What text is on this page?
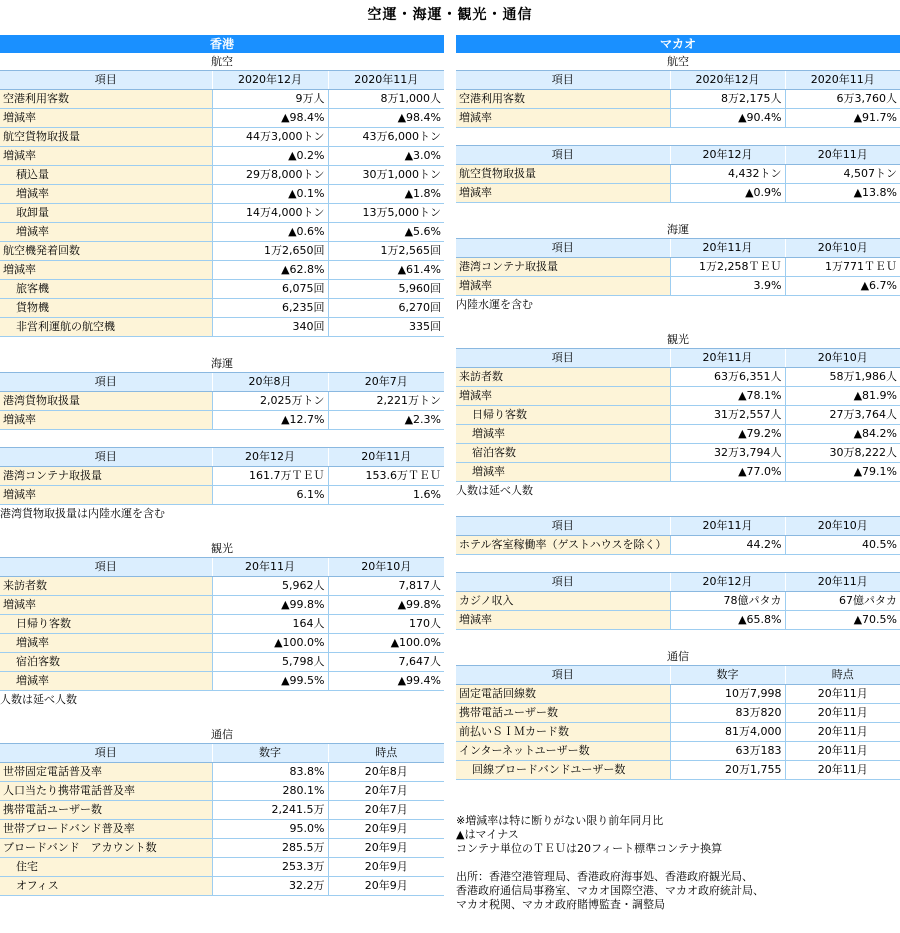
空運・海運・観光・通信
香港
航空
項目	2020年12月	2020年11月
空港利用客数	9万人	8万1,000人
増減率	▲98.4%	▲98.4%
航空貨物取扱量	44万3,000トン	43万6,000トン
増減率	▲0.2%	▲3.0%
積込量	29万8,000トン	30万1,000トン
増減率	▲0.1%	▲1.8%
取卸量	14万4,000トン	13万5,000トン
増減率	▲0.6%	▲5.6%
航空機発着回数	1万2,650回	1万2,565回
増減率	▲62.8%	▲61.4%
旅客機	6,075回	5,960回
貨物機	6,235回	6,270回
非営利運航の航空機	340回	335回
海運
項目	20年8月	20年7月
港湾貨物取扱量	2,025万トン	2,221万トン
増減率	▲12.7%	▲2.3%
項目	20年12月	20年11月
港湾コンテナ取扱量	161.7万ＴＥＵ	153.6万ＴＥＵ
増減率	6.1%	1.6%
港湾貨物取扱量は内陸水運を含む
観光
項目	20年11月	20年10月
来訪者数	5,962人	7,817人
増減率	▲99.8%	▲99.8%
日帰り客数	164人	170人
増減率	▲100.0%	▲100.0%
宿泊客数	5,798人	7,647人
増減率	▲99.5%	▲99.4%
人数は延べ人数
通信
項目	数字	時点
世帯固定電話普及率	83.8%	20年8月
人口当たり携帯電話普及率	280.1%	20年7月
携帯電話ユーザー数	2,241.5万	20年7月
世帯ブロードバンド普及率	95.0%	20年9月
ブロードバンド　アカウント数	285.5万	20年9月
住宅	253.3万	20年9月
オフィス	32.2万	20年9月
マカオ
航空
項目	2020年12月	2020年11月
空港利用客数	8万2,175人	6万3,760人
増減率	▲90.4%	▲91.7%
項目	20年12月	20年11月
航空貨物取扱量	4,432トン	4,507トン
増減率	▲0.9%	▲13.8%
海運
項目	20年11月	20年10月
港湾コンテナ取扱量	1万2,258ＴＥＵ	1万771ＴＥＵ
増減率	3.9%	▲6.7%
内陸水運を含む
観光
項目	20年11月	20年10月
来訪者数	63万6,351人	58万1,986人
増減率	▲78.1%	▲81.9%
日帰り客数	31万2,557人	27万3,764人
増減率	▲79.2%	▲84.2%
宿泊客数	32万3,794人	30万8,222人
増減率	▲77.0%	▲79.1%
人数は延べ人数
項目	20年11月	20年10月
ホテル客室稼働率（ゲストハウスを除く）	44.2%	40.5%
項目	20年12月	20年11月
カジノ収入	78億パタカ	67億パタカ
増減率	▲65.8%	▲70.5%
通信
項目	数字	時点
固定電話回線数	10万7,998	20年11月
携帯電話ユーザー数	83万820	20年11月
前払いＳＩＭカード数	81万4,000	20年11月
インターネットユーザー数	63万183	20年11月
回線ブロードバンドユーザー数	20万1,755	20年11月
※増減率は特に断りがない限り前年同月比
▲はマイナス
コンテナ単位のＴＥＵは20フィート標準コンテナ換算
出所：香港空港管理局、香港政府海事処、香港政府観光局、
香港政府通信局事務室、マカオ国際空港、マカオ政府統計局、
マカオ税関、マカオ政府賭博監査・調整局
